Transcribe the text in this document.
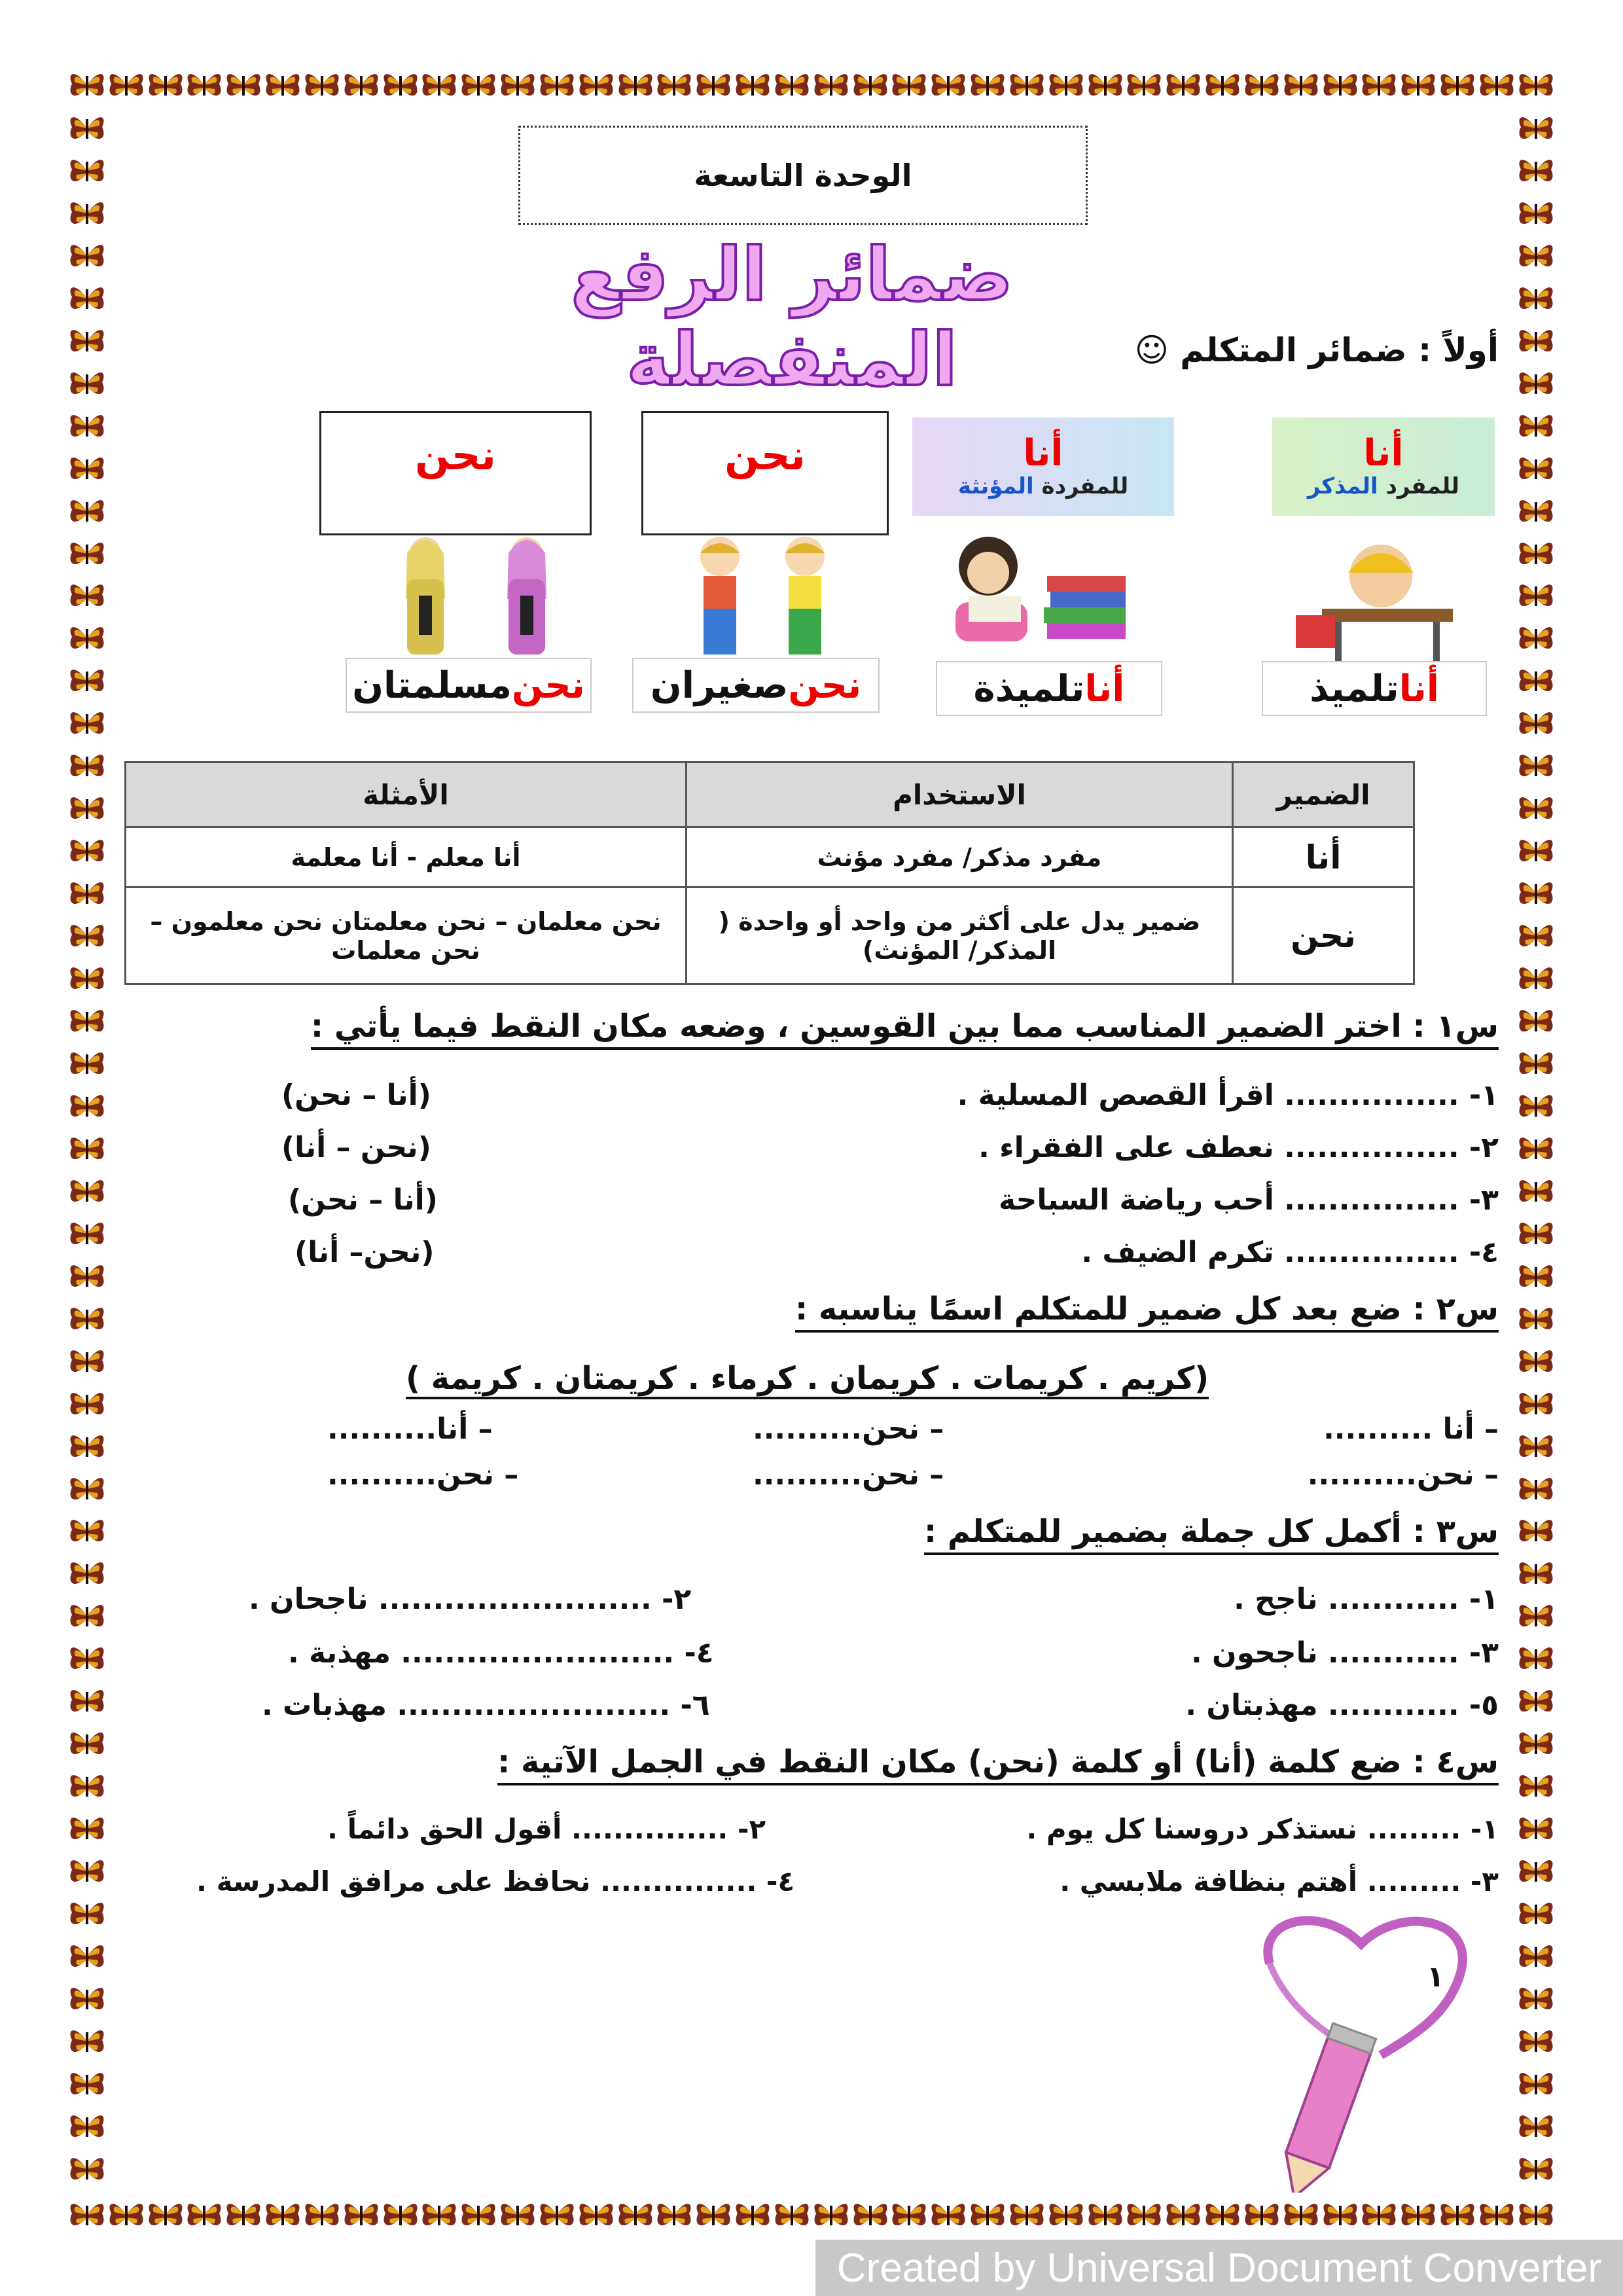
الوحدة التاسعة
ضمائر الرفع المنفصلة	أولاً : ضمائر المتكلم ☺
نحن	نحن	أنا
للمفردة المؤنثة
أنا
للمفرد المذكر
نحن
مسلمتان	نحن
صغيران	أنا
تلميذة	أنا
تلميذ
الضمير	الاستخدام	الأمثلة
أنا	مفرد مذكر/ مفرد مؤنث	أنا معلم - أنا معلمة
نحن	ضمير يدل على أكثر من واحد أو واحدة ( المذكر/ المؤنث)	نحن معلمان – نحن معلمتان نحن معلمون – نحن معلمات
س١ : اختر الضمير المناسب مما بين القوسين ، وضعه مكان النقط فيما يأتي :
١- ................ اقرأ القصص المسلية .
(أنا – نحن)
٢- ................ نعطف على الفقراء .
(نحن – أنا)
٣- ................ أحب رياضة السباحة
(أنا – نحن)
٤- ................ تكرم الضيف .
(نحن– أنا)
س٢ : ضع بعد كل ضمير للمتكلم اسمًا يناسبه :
(كريم . كريمات . كريمان . كرماء . كريمتان . كريمة )
– أنا ..........
– نحن..........
– أنا..........
– نحن..........
– نحن..........
– نحن..........
س٣ : أكمل كل جملة بضمير للمتكلم :
١- ............ ناجح .
٢- ......................... ناجحان .
٣- ............ ناجحون .
٤- ......................... مهذبة .
٥- ............ مهذبتان .
٦- ......................... مهذبات .
س٤ : ضع كلمة (أنا) أو كلمة (نحن) مكان النقط في الجمل الآتية :
١- ......... نستذكر دروسنا كل يوم .
٢- ............... أقول الحق دائماً .
٣- ......... أهتم بنظافة ملابسي .
٤- ............... نحافظ على مرافق المدرسة .
١
Created by Universal Document Converter
